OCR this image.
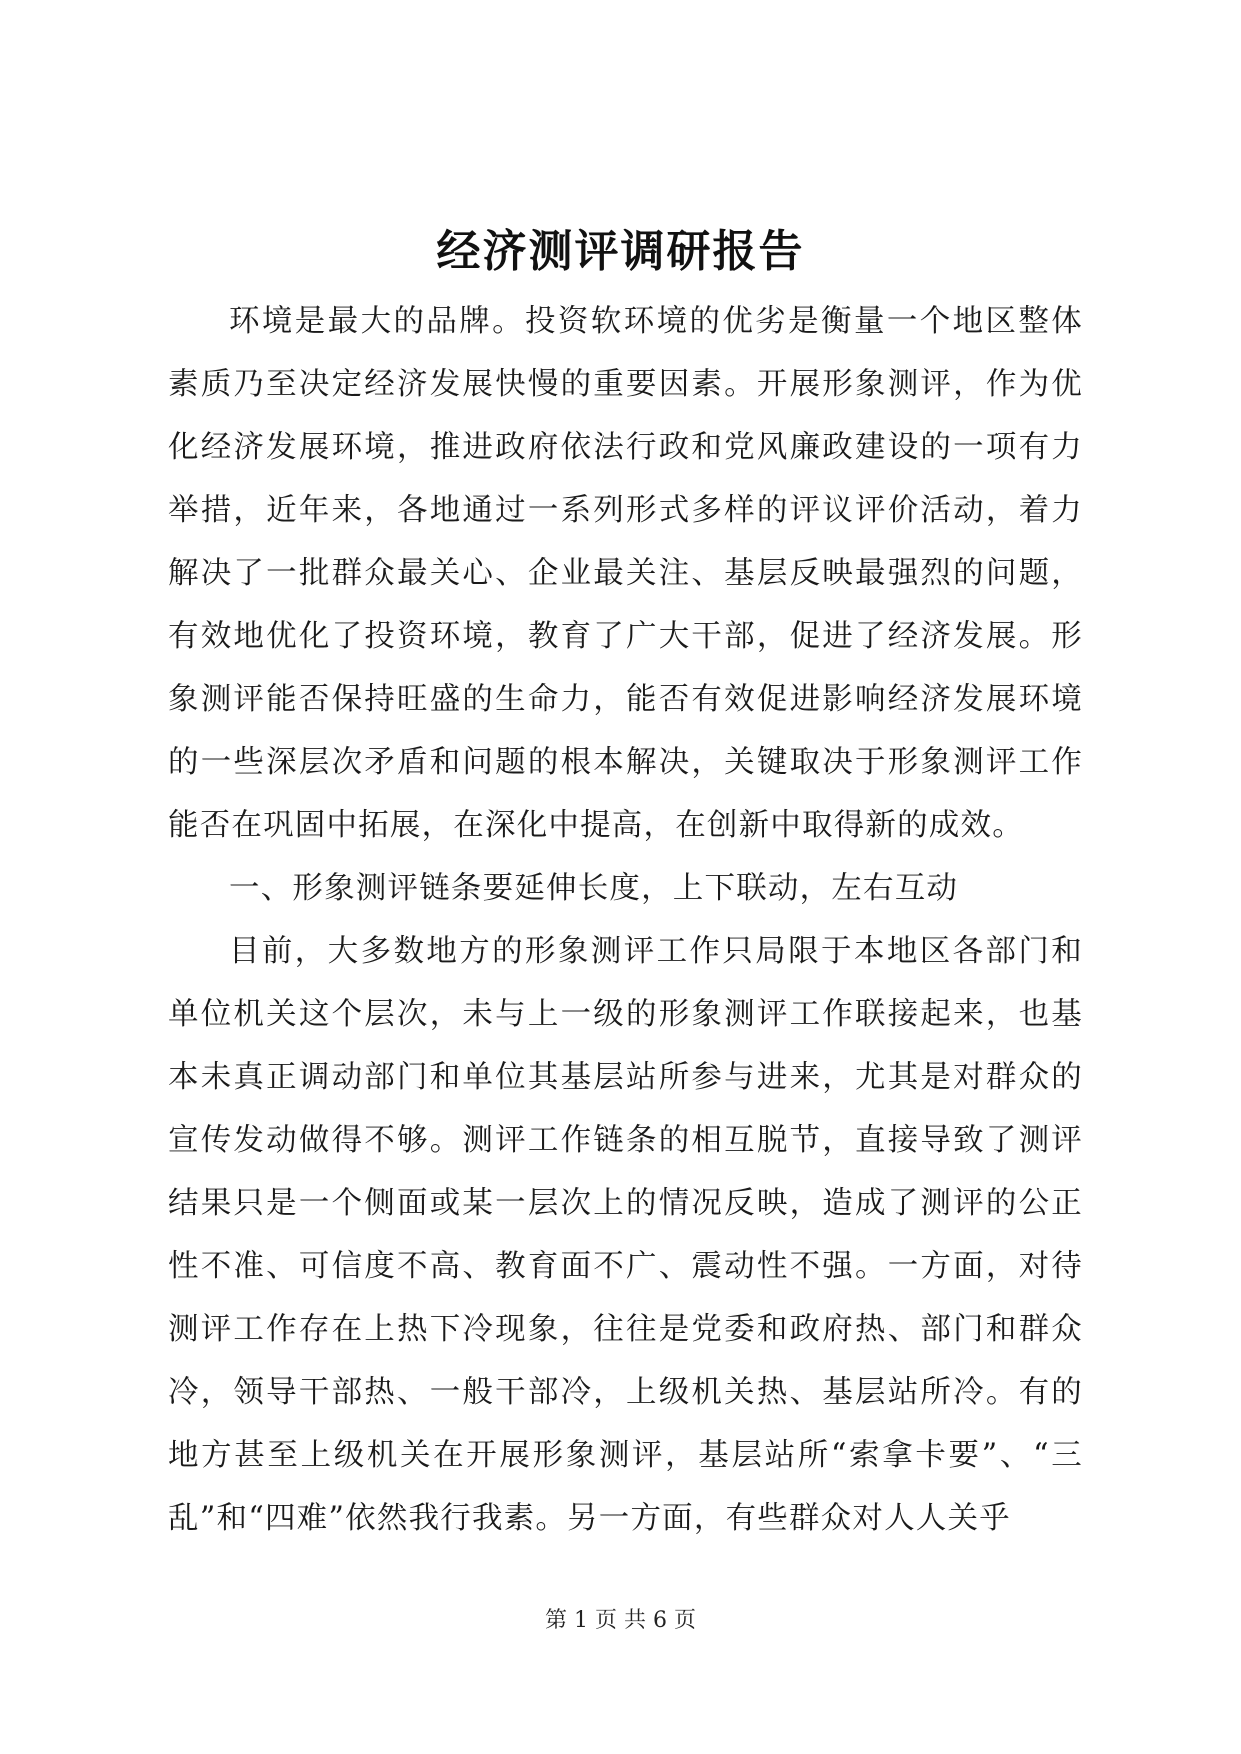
经济测评调研报告

环境是最大的品牌。投资软环境的优劣是衡量一个地区整体素质乃至决定经济发展快慢的重要因素。开展形象测评，作为优化经济发展环境，推进政府依法行政和党风廉政建设的一项有力举措，近年来，各地通过一系列形式多样的评议评价活动，着力解决了一批群众最关心、企业最关注、基层反映最强烈的问题，有效地优化了投资环境，教育了广大干部，促进了经济发展。形象测评能否保持旺盛的生命力，能否有效促进影响经济发展环境的一些深层次矛盾和问题的根本解决，关键取决于形象测评工作能否在巩固中拓展，在深化中提高，在创新中取得新的成效。

一、形象测评链条要延伸长度，上下联动，左右互动

目前，大多数地方的形象测评工作只局限于本地区各部门和单位机关这个层次，未与上一级的形象测评工作联接起来，也基本未真正调动部门和单位其基层站所参与进来，尤其是对群众的宣传发动做得不够。测评工作链条的相互脱节，直接导致了测评结果只是一个侧面或某一层次上的情况反映，造成了测评的公正性不准、可信度不高、教育面不广、震动性不强。一方面，对待测评工作存在上热下冷现象，往往是党委和政府热、部门和群众冷，领导干部热、一般干部冷，上级机关热、基层站所冷。有的地方甚至上级机关在开展形象测评，基层站所“索拿卡要”、“三乱”和“四难”依然我行我素。另一方面，有些群众对人人关乎

第 1 页 共 6 页
